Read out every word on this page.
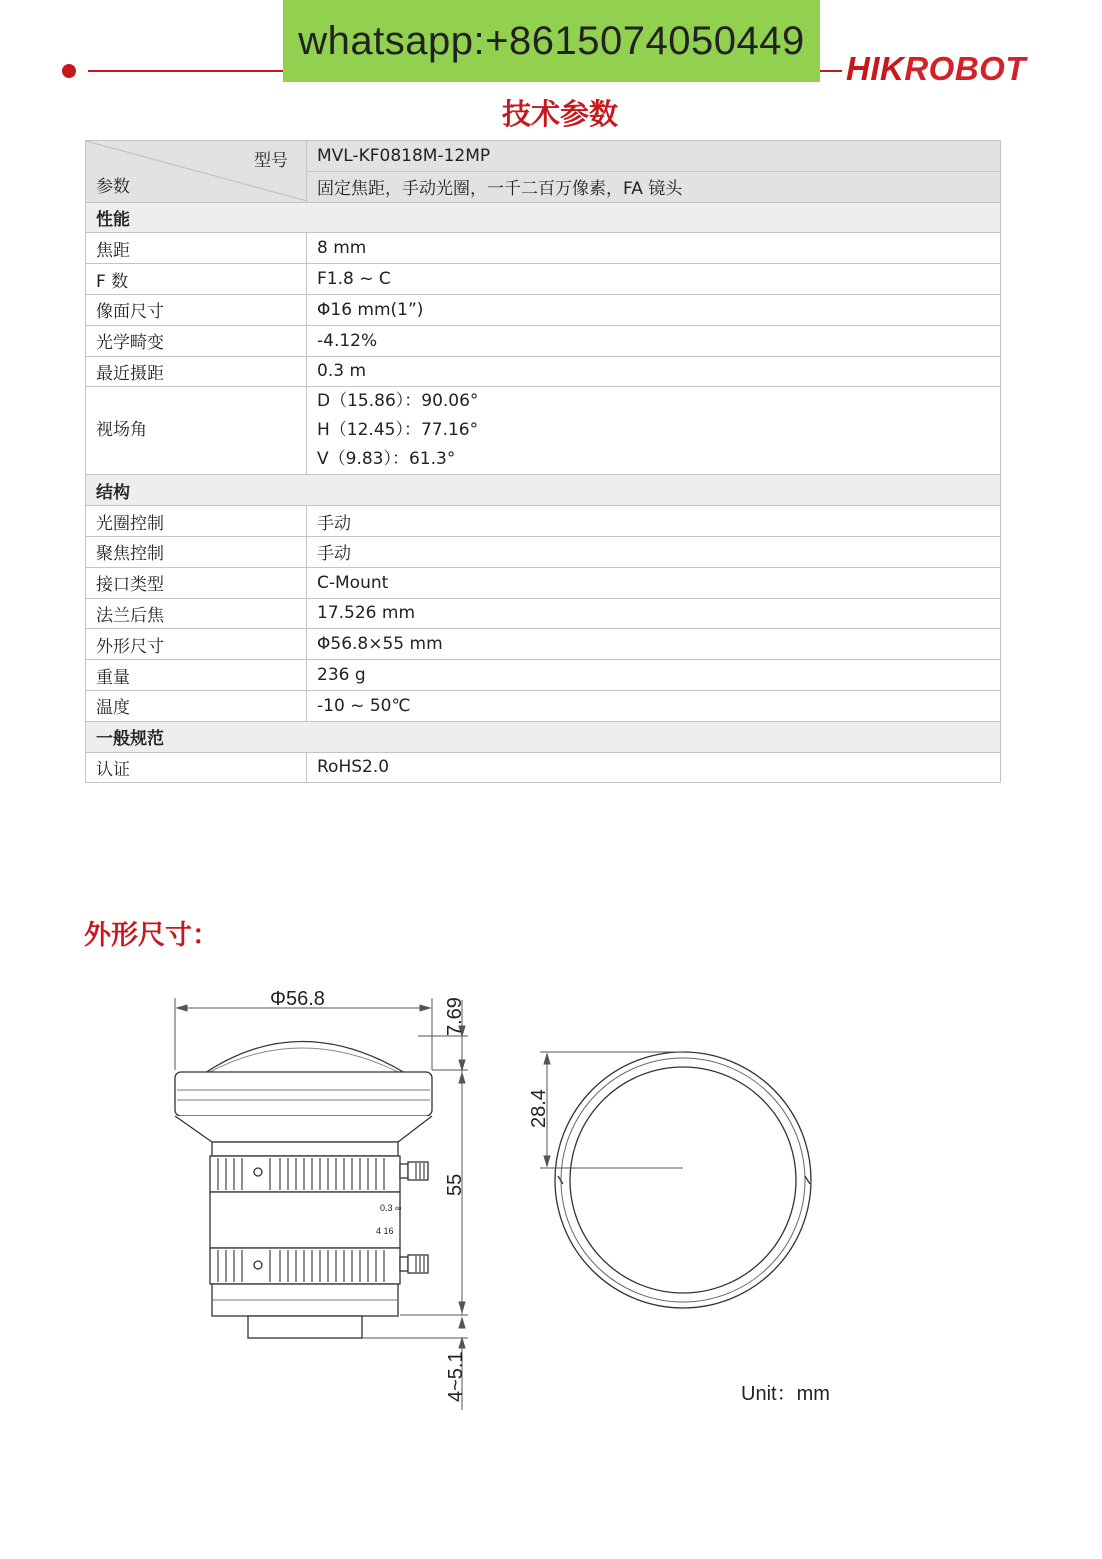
whatsapp:+8615074050449
HIKROBOT
技术参数
型号
参数	MVL-KF0818M-12MP
	固定焦距，手动光圈，一千二百万像素，FA 镜头
性能	
焦距	8 mm
F 数	F1.8 ~ C
像面尺寸	Φ16 mm(1”)
光学畸变	-4.12%
最近摄距	0.3 m

视场角	D（15.86）：90.06°
H（12.45）：77.16°
V（9.83）：61.3°

结构	
光圈控制	手动
聚焦控制	手动
接口类型	C-Mount
法兰后焦	17.526 mm
外形尺寸	Φ56.8×55 mm
重量	236 g
温度	-10 ~ 50℃
一般规范	
认证	RoHS2.0
外形尺寸：
0.3 ∞
4 16
Φ56.8	7.69
55
4~5.1
28.4
Unit：mm
